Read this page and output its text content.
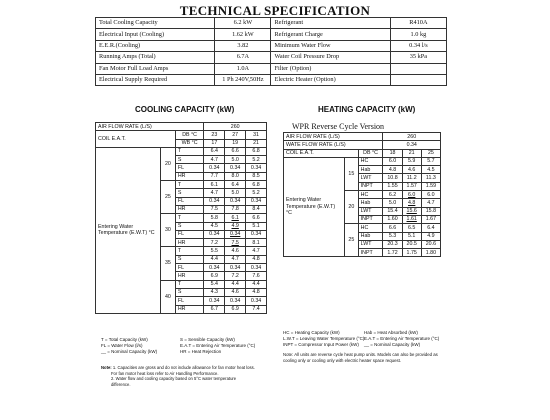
TECHNICAL SPECIFICATION
Total Cooling Capacity	6.2 kW	Refrigerant	R410A
Electrical Input (Cooling)	1.62 kW	Refrigerant Charge	1.0 kg
E.E.R.(Cooling)	3.82	Minimum Water Flow	0.34 l/s
Running Amps (Total)	6.7A	Water Coil Pressure Drop	35 kPa
Fan Motor Full Load Amps	1.0A	Filter (Option)	
Electrical Supply Required	1 Ph 240V,50Hz	Electric Heater (Option)	
COOLING CAPACITY (kW)	HEATING CAPACITY (kW)
WPR Reverse Cycle Version
AIR FLOW RATE (L/S)			260		
COIL E.A.T.		DB °C	23	27	31
		WB °C	17	19	21
Entering Water Temperature (E.W.T) °C	20	T	6.4	6.6	6.8
		S	4.7	5.0	5.2
		FL	0.34	0.34	0.34
		HR	7.7	8.0	8.5
	25	T	6.1	6.4	6.8
		S	4.7	5.0	5.2
		FL	0.34	0.34	0.34
		HR	7.5	7.8	8.4
	30	T	5.8	6.1	6.6
		S	4.5	4.9	5.1
		FL	0.34	0.34	0.34
		HR	7.2	7.5	8.1
	35	T	5.5	4.6	4.7
		S	4.4	4.7	4.8
		FL	0.34	0.34	0.34
		HR	6.9	7.2	7.6
	40	T	5.4	4.4	4.4
		S	4.3	4.6	4.8
		FL	0.34	0.34	0.34
		HR	6.7	6.9	7.4
AIR FLOW RATE (L/S)			260		
WATE FLOW RATE (L/S)			0.34		
COIL E.A.T.		DB °C	18	21	25
Entering Water Temperature (E.W.T) °C	15	HC	6.0	5.9	5.7
		Hab	4.8	4.6	4.5
		LWT	10.8	11.2	11.3
		INPT	1.55	1.57	1.59
	20	HC	6.2	6.0	6.0
		Hab	5.0	4.8	4.7
		LWT	15.4	15.6	15.8
		INPT	1.60	1.61	1.67
	25	HC	6.6	6.5	6.4
		Hab	5.3	5.1	4.9
		LWT	20.3	20.5	20.6
		INPT	1.72	1.75	1.80
T = Total Capacity (kW)	S = Sensible Capacity (kW)
FL = Water Flow (l/s)	E.A.T = Entering Air Temperature (°C)
__ = Nominal Capacity (kW)	HR = Heat Rejection
HC = Heating Capacity (kW)	Hab = Heat Absorbed (kW)
L.W.T = Leaving Water Temperature (°C) E.A.T = Entering Air Temperature (°C)
INPT = Compressor Input Power (kW) __ = Nominal Capacity (kW)
Note: 1. Capacities are gross and do not include allowance for fan motor heat loss.
For fan motor heat loss refer to Air Handling Performance.
2. Water flow and cooling capacity based on 5°C water temperature
difference.
Note: All units are reverse cycle heat pump units. Models can also be provided as cooling only or cooling only with electric heater space request.
